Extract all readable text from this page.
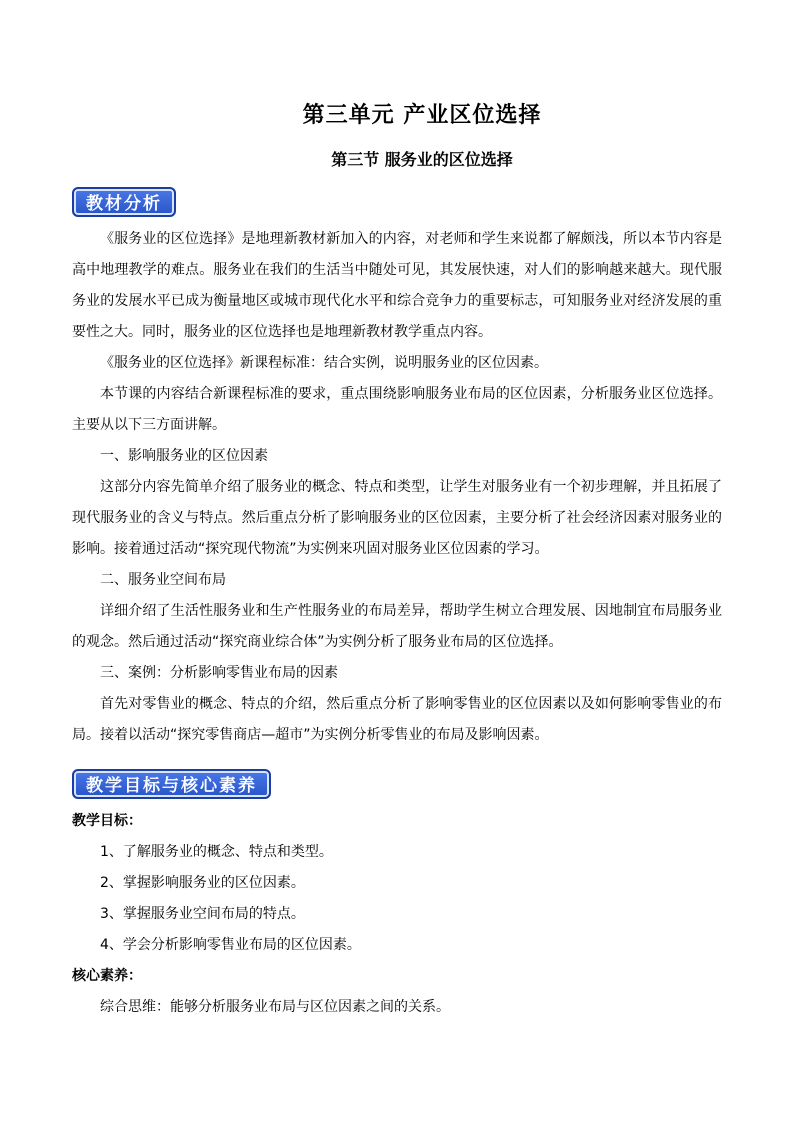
第三单元 产业区位选择
第三节 服务业的区位选择
教材分析

《服务业的区位选择》是地理新教材新加入的内容，对老师和学生来说都了解颇浅，所以本节内容是高中地理教学的难点。服务业在我们的生活当中随处可见，其发展快速，对人们的影响越来越大。现代服务业的发展水平已成为衡量地区或城市现代化水平和综合竞争力的重要标志，可知服务业对经济发展的重要性之大。同时，服务业的区位选择也是地理新教材教学重点内容。

《服务业的区位选择》新课程标准：结合实例，说明服务业的区位因素。

本节课的内容结合新课程标准的要求，重点围绕影响服务业布局的区位因素，分析服务业区位选择。主要从以下三方面讲解。

一、影响服务业的区位因素

这部分内容先简单介绍了服务业的概念、特点和类型，让学生对服务业有一个初步理解，并且拓展了现代服务业的含义与特点。然后重点分析了影响服务业的区位因素，主要分析了社会经济因素对服务业的影响。接着通过活动“探究现代物流”为实例来巩固对服务业区位因素的学习。

二、服务业空间布局

详细介绍了生活性服务业和生产性服务业的布局差异，帮助学生树立合理发展、因地制宜布局服务业的观念。然后通过活动“探究商业综合体”为实例分析了服务业布局的区位选择。

三、案例：分析影响零售业布局的因素

首先对零售业的概念、特点的介绍，然后重点分析了影响零售业的区位因素以及如何影响零售业的布局。接着以活动“探究零售商店—超市”为实例分析零售业的布局及影响因素。

教学目标与核心素养

教学目标：

1、了解服务业的概念、特点和类型。

2、掌握影响服务业的区位因素。

3、掌握服务业空间布局的特点。

4、学会分析影响零售业布局的区位因素。

核心素养：

综合思维：能够分析服务业布局与区位因素之间的关系。
